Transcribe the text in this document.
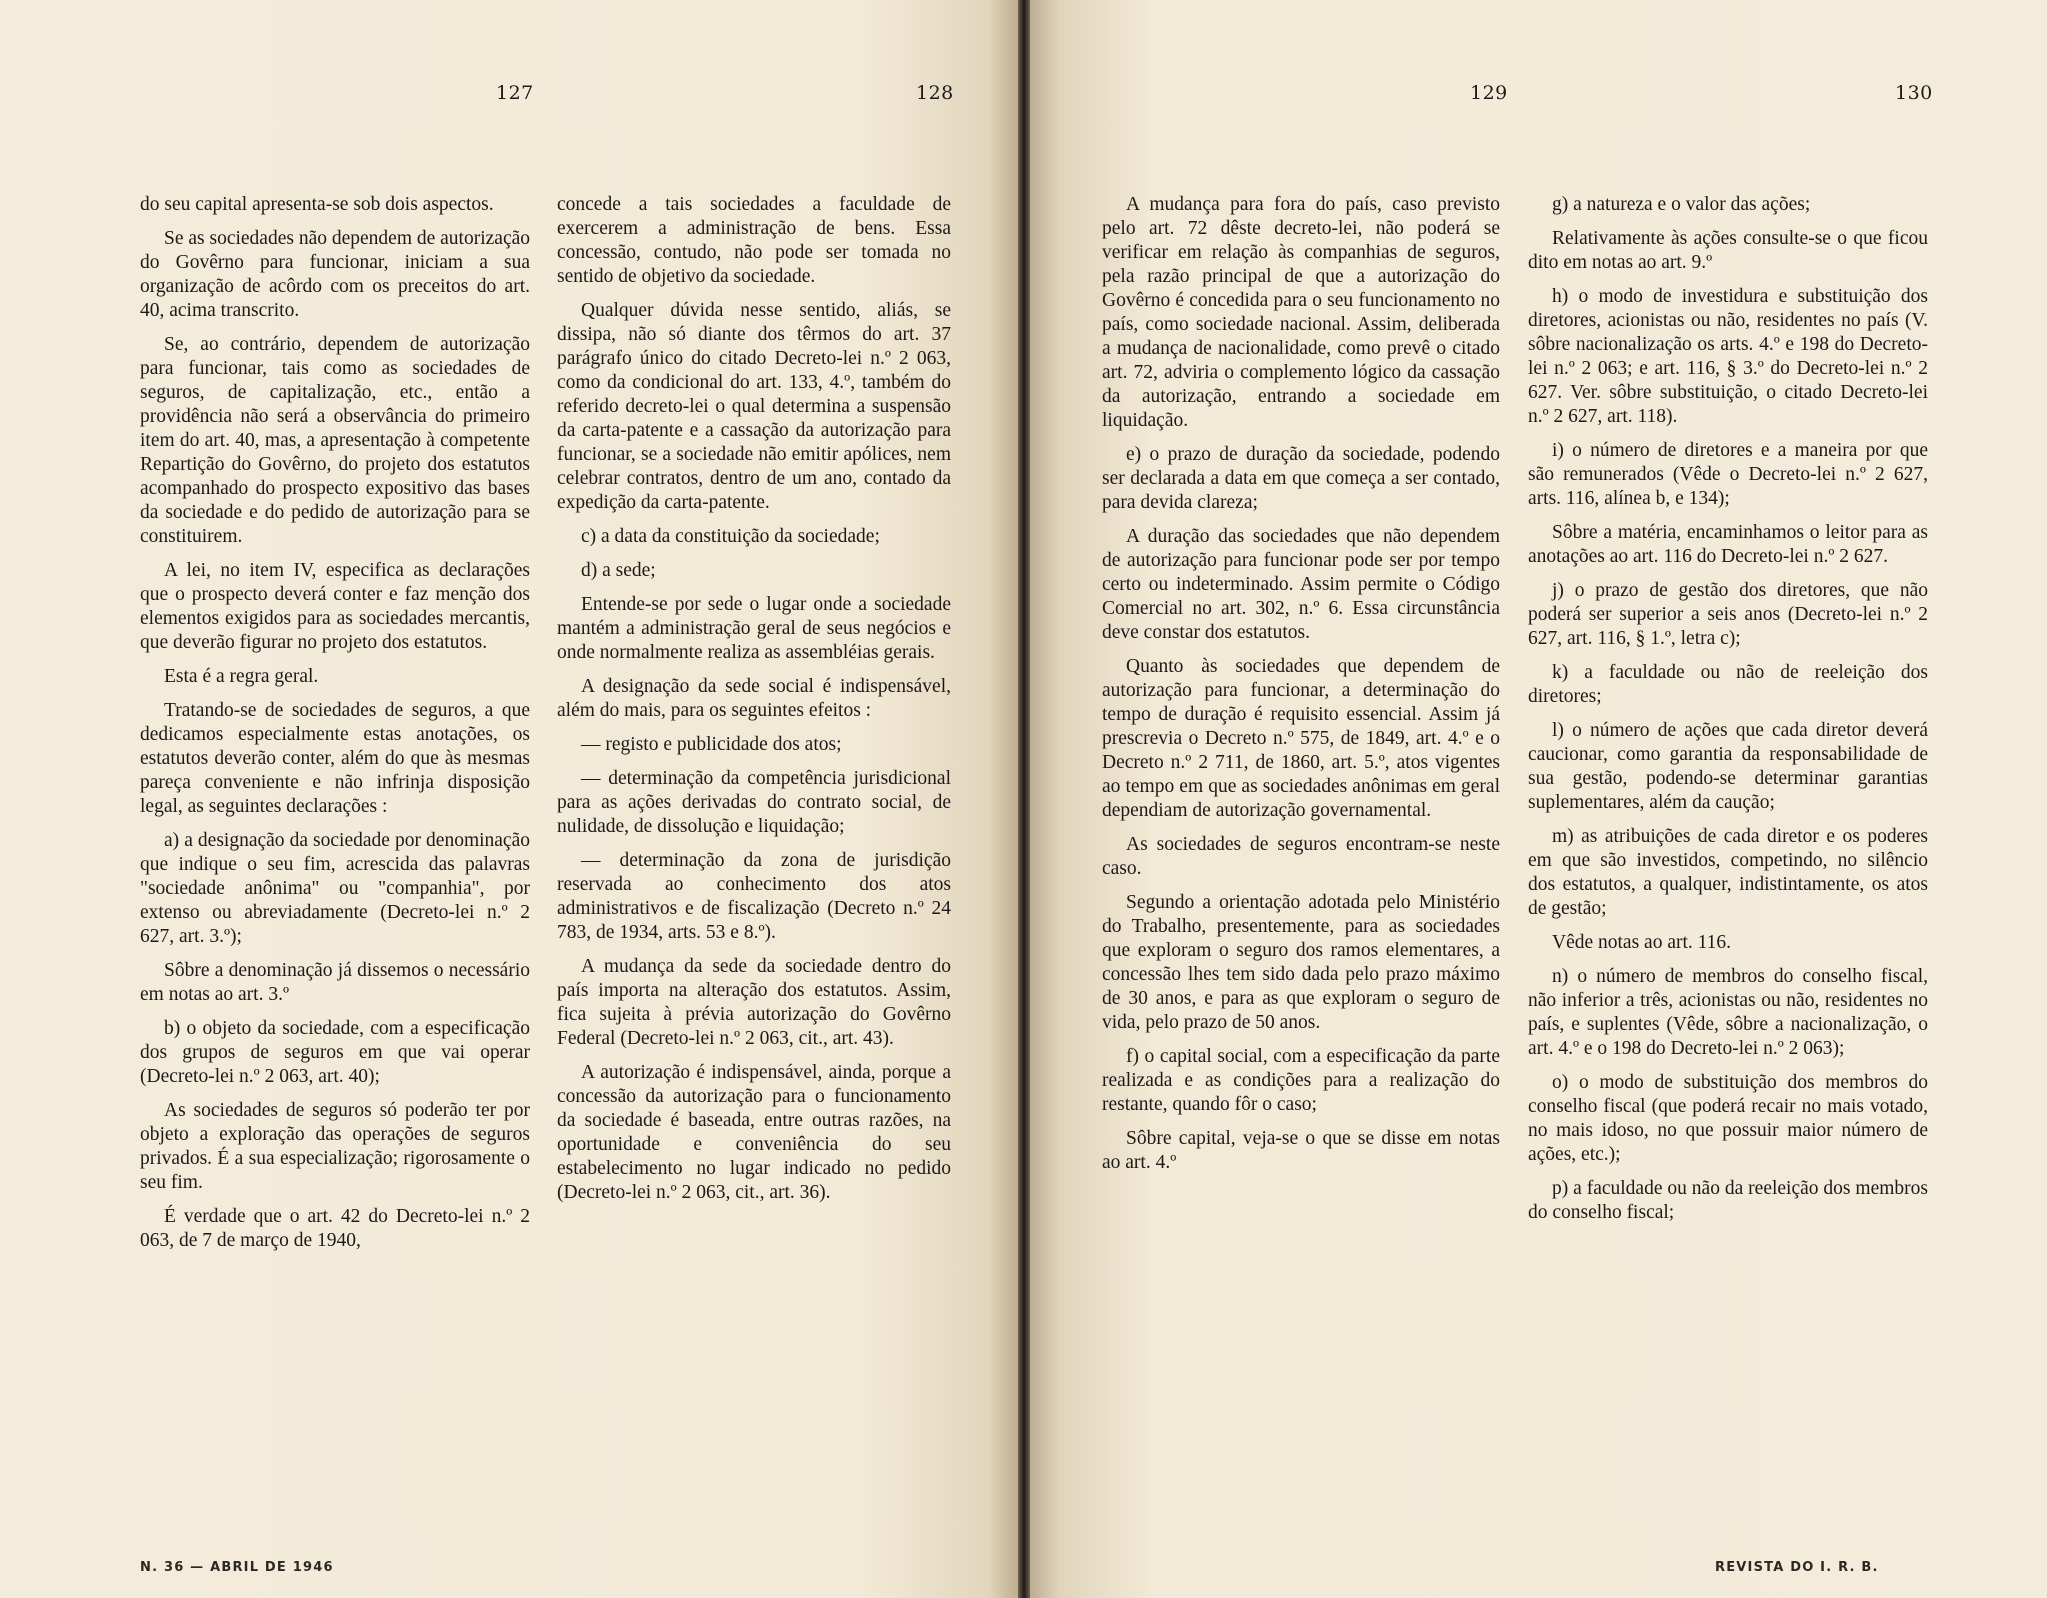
127	128

do seu capital apresenta-se sob dois aspectos.

Se as sociedades não dependem de autorização do Govêrno para funcionar, iniciam a sua organização de acôrdo com os preceitos do art. 40, acima transcrito.

Se, ao contrário, dependem de autorização para funcionar, tais como as sociedades de seguros, de capitalização, etc., então a providência não será a observância do primeiro item do art. 40, mas, a apresentação à competente Repartição do Govêrno, do projeto dos estatutos acompanhado do prospecto expositivo das bases da sociedade e do pedido de autorização para se constituirem.

A lei, no item IV, especifica as declarações que o prospecto deverá conter e faz menção dos elementos exigidos para as sociedades mercantis, que deverão figurar no projeto dos estatutos.

Esta é a regra geral.

Tratando-se de sociedades de seguros, a que dedicamos especialmente estas anotações, os estatutos deverão conter, além do que às mesmas pareça conveniente e não infrinja disposição legal, as seguintes declarações :

a) a designação da sociedade por denominação que indique o seu fim, acrescida das palavras "sociedade anônima" ou "companhia", por extenso ou abreviadamente (Decreto-lei n.º 2 627, art. 3.º);

Sôbre a denominação já dissemos o necessário em notas ao art. 3.º

b) o objeto da sociedade, com a especificação dos grupos de seguros em que vai operar (Decreto-lei n.º 2 063, art. 40);

As sociedades de seguros só poderão ter por objeto a exploração das operações de seguros privados. É a sua especialização; rigorosamente o seu fim.

É verdade que o art. 42 do Decreto-lei n.º 2 063, de 7 de março de 1940,

concede a tais sociedades a faculdade de exercerem a administração de bens. Essa concessão, contudo, não pode ser tomada no sentido de objetivo da sociedade.

Qualquer dúvida nesse sentido, aliás, se dissipa, não só diante dos têrmos do art. 37 parágrafo único do citado Decreto-lei n.º 2 063, como da condicional do art. 133, 4.º, também do referido decreto-lei o qual determina a suspensão da carta-patente e a cassação da autorização para funcionar, se a sociedade não emitir apólices, nem celebrar contratos, dentro de um ano, contado da expedição da carta-patente.

c) a data da constituição da sociedade;

d) a sede;

Entende-se por sede o lugar onde a sociedade mantém a administração geral de seus negócios e onde normalmente realiza as assembléias gerais.

A designação da sede social é indispensável, além do mais, para os seguintes efeitos :

— registo e publicidade dos atos;

— determinação da competência jurisdicional para as ações derivadas do contrato social, de nulidade, de dissolução e liquidação;

— determinação da zona de jurisdição reservada ao conhecimento dos atos administrativos e de fiscalização (Decreto n.º 24 783, de 1934, arts. 53 e 8.º).

A mudança da sede da sociedade dentro do país importa na alteração dos estatutos. Assim, fica sujeita à prévia autorização do Govêrno Federal (Decreto-lei n.º 2 063, cit., art. 43).

A autorização é indispensável, ainda, porque a concessão da autorização para o funcionamento da sociedade é baseada, entre outras razões, na oportunidade e conveniência do seu estabelecimento no lugar indicado no pedido (Decreto-lei n.º 2 063, cit., art. 36).

N. 36 — ABRIL DE 1946
129	130

A mudança para fora do país, caso previsto pelo art. 72 dêste decreto-lei, não poderá se verificar em relação às companhias de seguros, pela razão principal de que a autorização do Govêrno é concedida para o seu funcionamento no país, como sociedade nacional. Assim, deliberada a mudança de nacionalidade, como prevê o citado art. 72, adviria o complemento lógico da cassação da autorização, entrando a sociedade em liquidação.

e) o prazo de duração da sociedade, podendo ser declarada a data em que começa a ser contado, para devida clareza;

A duração das sociedades que não dependem de autorização para funcionar pode ser por tempo certo ou indeterminado. Assim permite o Código Comercial no art. 302, n.º 6. Essa circunstância deve constar dos estatutos.

Quanto às sociedades que dependem de autorização para funcionar, a determinação do tempo de duração é requisito essencial. Assim já prescrevia o Decreto n.º 575, de 1849, art. 4.º e o Decreto n.º 2 711, de 1860, art. 5.º, atos vigentes ao tempo em que as sociedades anônimas em geral dependiam de autorização governamental.

As sociedades de seguros encontram-se neste caso.

Segundo a orientação adotada pelo Ministério do Trabalho, presentemente, para as sociedades que exploram o seguro dos ramos elementares, a concessão lhes tem sido dada pelo prazo máximo de 30 anos, e para as que exploram o seguro de vida, pelo prazo de 50 anos.

f) o capital social, com a especificação da parte realizada e as condições para a realização do restante, quando fôr o caso;

Sôbre capital, veja-se o que se disse em notas ao art. 4.º

g) a natureza e o valor das ações;

Relativamente às ações consulte-se o que ficou dito em notas ao art. 9.º

h) o modo de investidura e substituição dos diretores, acionistas ou não, residentes no país (V. sôbre nacionalização os arts. 4.º e 198 do Decreto-lei n.º 2 063; e art. 116, § 3.º do Decreto-lei n.º 2 627. Ver. sôbre substituição, o citado Decreto-lei n.º 2 627, art. 118).

i) o número de diretores e a maneira por que são remunerados (Vêde o Decreto-lei n.º 2 627, arts. 116, alínea b, e 134);

Sôbre a matéria, encaminhamos o leitor para as anotações ao art. 116 do Decreto-lei n.º 2 627.

j) o prazo de gestão dos diretores, que não poderá ser superior a seis anos (Decreto-lei n.º 2 627, art. 116, § 1.º, letra c);

k) a faculdade ou não de reeleição dos diretores;

l) o número de ações que cada diretor deverá caucionar, como garantia da responsabilidade de sua gestão, podendo-se determinar garantias suplementares, além da caução;

m) as atribuições de cada diretor e os poderes em que são investidos, competindo, no silêncio dos estatutos, a qualquer, indistintamente, os atos de gestão;

Vêde notas ao art. 116.

n) o número de membros do conselho fiscal, não inferior a três, acionistas ou não, residentes no país, e suplentes (Vêde, sôbre a nacionalização, o art. 4.º e o 198 do Decreto-lei n.º 2 063);

o) o modo de substituição dos membros do conselho fiscal (que poderá recair no mais votado, no mais idoso, no que possuir maior número de ações, etc.);

p) a faculdade ou não da reeleição dos membros do conselho fiscal;

REVISTA DO I. R. B.
